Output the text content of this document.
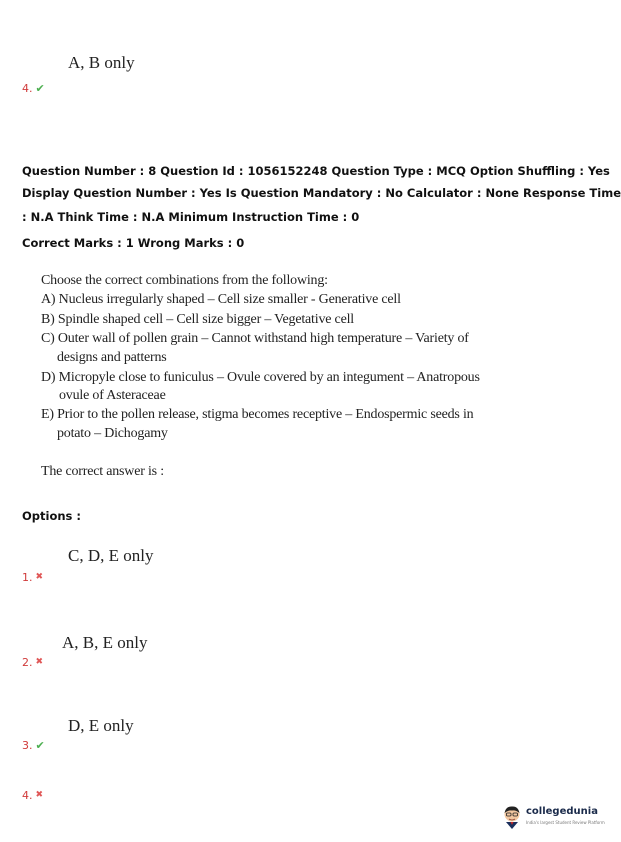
A, B only
4. ✔
Question Number : 8 Question Id : 1056152248 Question Type : MCQ Option Shuffling : Yes
Display Question Number : Yes Is Question Mandatory : No Calculator : None Response Time
: N.A Think Time : N.A Minimum Instruction Time : 0
Correct Marks : 1 Wrong Marks : 0
Choose the correct combinations from the following:
A) Nucleus irregularly shaped – Cell size smaller - Generative cell
B) Spindle shaped cell – Cell size bigger – Vegetative cell
C) Outer wall of pollen grain – Cannot withstand high temperature – Variety of
designs and patterns
D) Micropyle close to funiculus – Ovule covered by an integument – Anatropous
ovule of Asteraceae
E) Prior to the pollen release, stigma becomes receptive – Endospermic seeds in
potato – Dichogamy
The correct answer is :
Options :
C, D, E only
1. ✖
A, B, E only
2. ✖
D, E only
3. ✔
4. ✖
collegedunia
India's largest Student Review Platform
